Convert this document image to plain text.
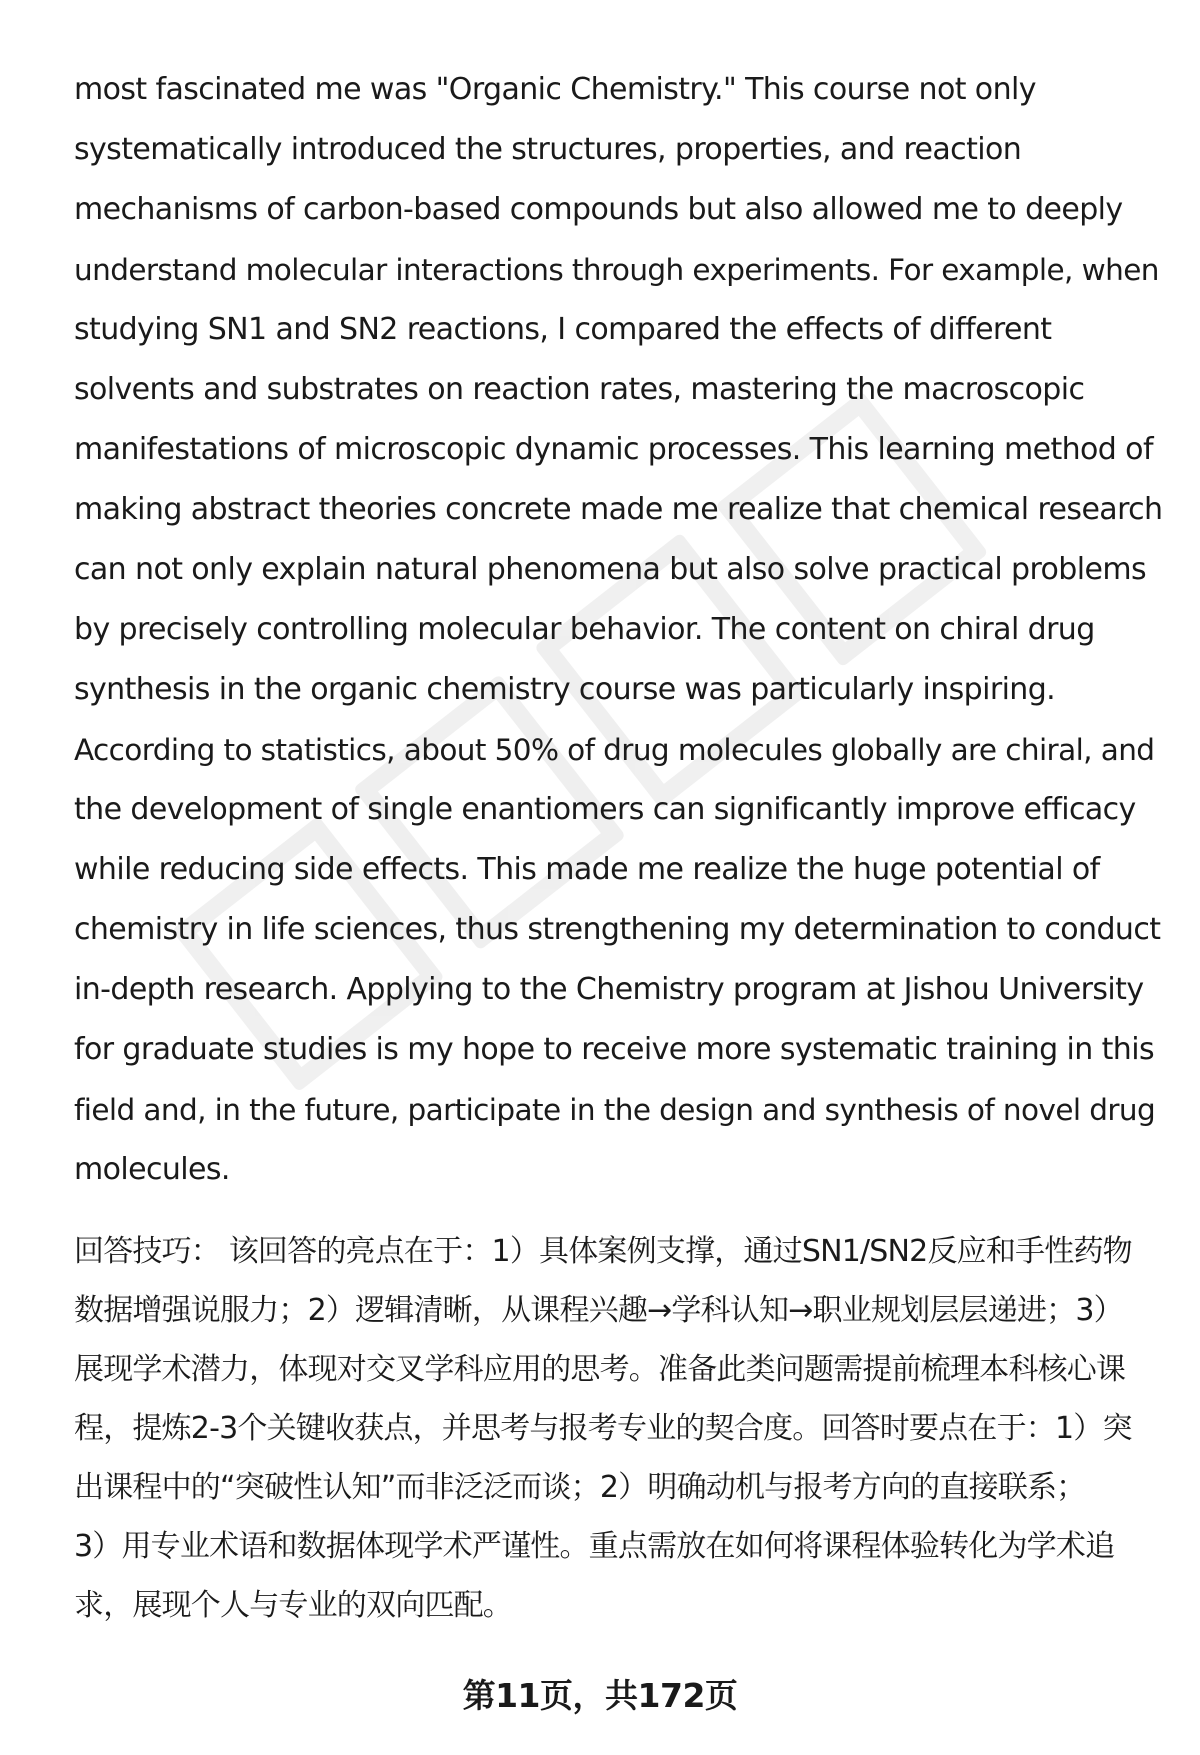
most fascinated me was "Organic Chemistry." This course not only
systematically introduced the structures, properties, and reaction
mechanisms of carbon-based compounds but also allowed me to deeply
understand molecular interactions through experiments. For example, when
studying SN1 and SN2 reactions, I compared the effects of different
solvents and substrates on reaction rates, mastering the macroscopic
manifestations of microscopic dynamic processes. This learning method of
making abstract theories concrete made me realize that chemical research
can not only explain natural phenomena but also solve practical problems
by precisely controlling molecular behavior. The content on chiral drug
synthesis in the organic chemistry course was particularly inspiring.
According to statistics, about 50% of drug molecules globally are chiral, and
the development of single enantiomers can significantly improve efficacy
while reducing side effects. This made me realize the huge potential of
chemistry in life sciences, thus strengthening my determination to conduct
in-depth research. Applying to the Chemistry program at Jishou University
for graduate studies is my hope to receive more systematic training in this
field and, in the future, participate in the design and synthesis of novel drug
molecules.
回答技巧： 该回答的亮点在于：1）具体案例支撑，通过SN1/SN2反应和手性药物
数据增强说服力；2）逻辑清晰，从课程兴趣→学科认知→职业规划层层递进；3）
展现学术潜力，体现对交叉学科应用的思考。准备此类问题需提前梳理本科核心课
程，提炼2-3个关键收获点，并思考与报考专业的契合度。回答时要点在于：1）突
出课程中的“突破性认知”而非泛泛而谈；2）明确动机与报考方向的直接联系；
3）用专业术语和数据体现学术严谨性。重点需放在如何将课程体验转化为学术追
求，展现个人与专业的双向匹配。
第11页，共172页
